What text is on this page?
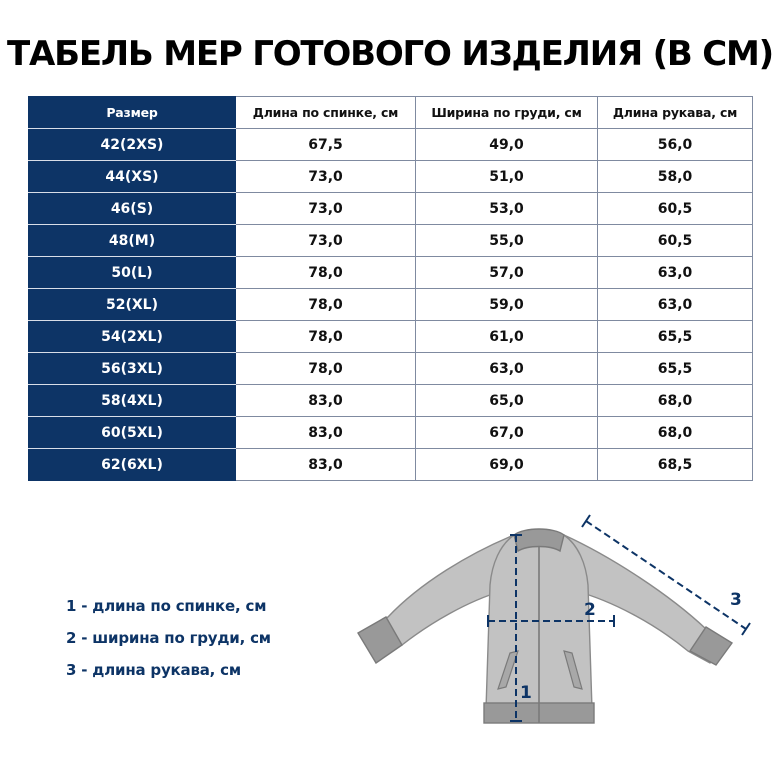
ТАБЕЛЬ МЕР ГОТОВОГО ИЗДЕЛИЯ (В СМ)
Размер	Длина по спинке, см	Ширина по груди, см	Длина рукава, см
42(2XS)	67,5	49,0	56,0
44(XS)	73,0	51,0	58,0
46(S)	73,0	53,0	60,5
48(M)	73,0	55,0	60,5
50(L)	78,0	57,0	63,0
52(XL)	78,0	59,0	63,0
54(2XL)	78,0	61,0	65,5
56(3XL)	78,0	63,0	65,5
58(4XL)	83,0	65,0	68,0
60(5XL)	83,0	67,0	68,0
62(6XL)	83,0	69,0	68,5
1 - длина по спинке, см
2 - ширина по груди, см
3 - длина рукава, см
1
2	3
